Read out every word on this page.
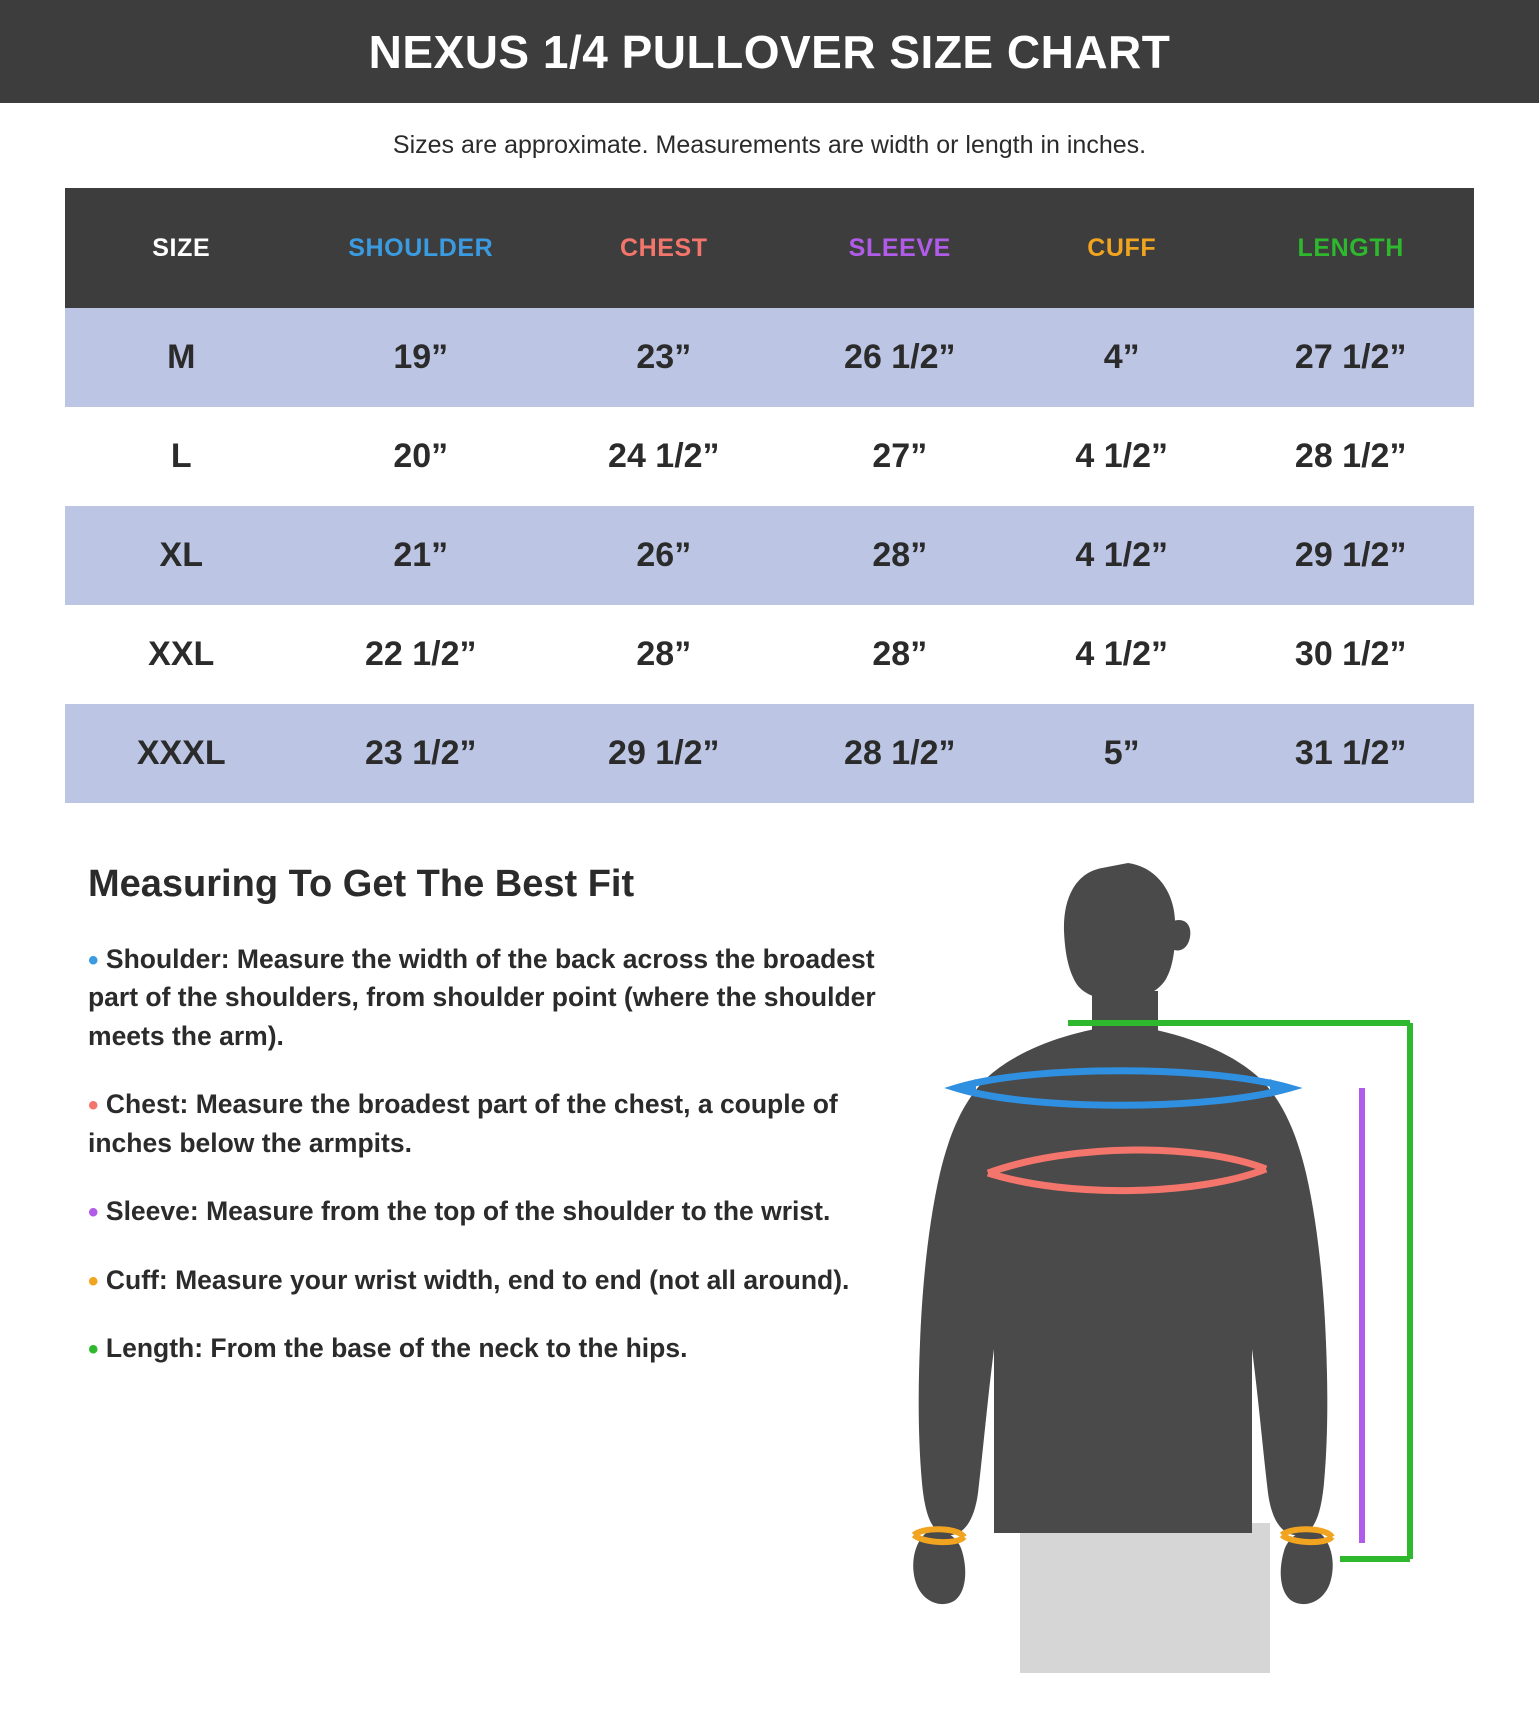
NEXUS 1/4 PULLOVER SIZE CHART
Sizes are approximate. Measurements are width or length in inches.
SIZE	SHOULDER	CHEST	SLEEVE	CUFF	LENGTH
M	19”	23”	26 1/2”	4”	27 1/2”
L	20”	24 1/2”	27”	4 1/2”	28 1/2”
XL	21”	26”	28”	4 1/2”	29 1/2”
XXL	22 1/2”	28”	28”	4 1/2”	30 1/2”
XXXL	23 1/2”	29 1/2”	28 1/2”	5”	31 1/2”
Measuring To Get The Best Fit

• Shoulder: Measure the width of the back across the broadest part of the shoulders, from shoulder point (where the shoulder meets the arm).

• Chest: Measure the broadest part of the chest, a couple of inches below the armpits.

• Sleeve: Measure from the top of the shoulder to the wrist.

• Cuff: Measure your wrist width, end to end (not all around).

• Length: From the base of the neck to the hips.
